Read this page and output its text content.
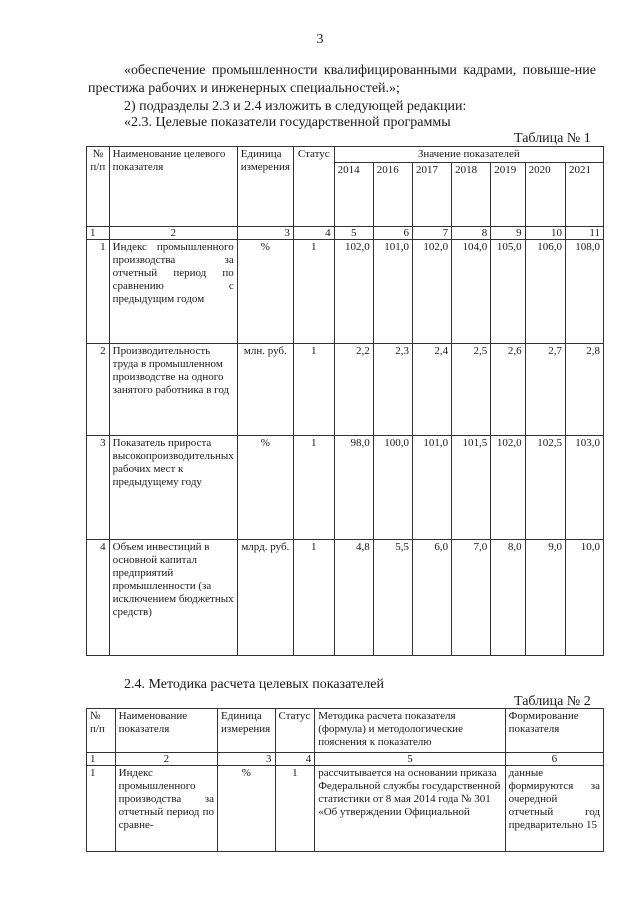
3
«обеспечение промышленности квалифицированными кадрами, повыше-ние престижа рабочих и инженерных специальностей.»;
2) подразделы 2.3 и 2.4 изложить в следующей редакции:
«2.3. Целевые показатели государственной программы
Таблица № 1
№ п/п	Наименование целевого показателя	Единица измерения	Статус	Значение показателей						
				2014	2016	2017	2018	2019	2020	2021
1	2	3	4	5	6	7	8	9	10	11
1	Индекс промышленного производства за отчетный период по сравнению с предыдущим годом	%	1	102,0	101,0	102,0	104,0	105,0	106,0	108,0
2	Производительность труда в промышленном производстве на одного занятого работника в год	млн. руб.	1	2,2	2,3	2,4	2,5	2,6	2,7	2,8
3	Показатель прироста высокопроизводительных рабочих мест к предыдущему году	%	1	98,0	100,0	101,0	101,5	102,0	102,5	103,0
4	Объем инвестиций в основной капитал предприятий промышленности (за исключением бюджетных средств)	млрд. руб.	1	4,8	5,5	6,0	7,0	8,0	9,0	10,0
2.4. Методика расчета целевых показателей
Таблица № 2
№ п/п	Наименование показателя	Единица измерения	Статус	Методика расчета показателя (формула) и методологические пояснения к показателю	Формирование показателя
1	2	3	4	5	6
1	Индекс промышленного производства за отчетный период по сравне-	%	1	рассчитывается на основании приказа Федеральной службы государственной статистики от 8 мая 2014 года № 301 «Об утверждении Официальной	данные формируются за очередной отчетный год предварительно 15
